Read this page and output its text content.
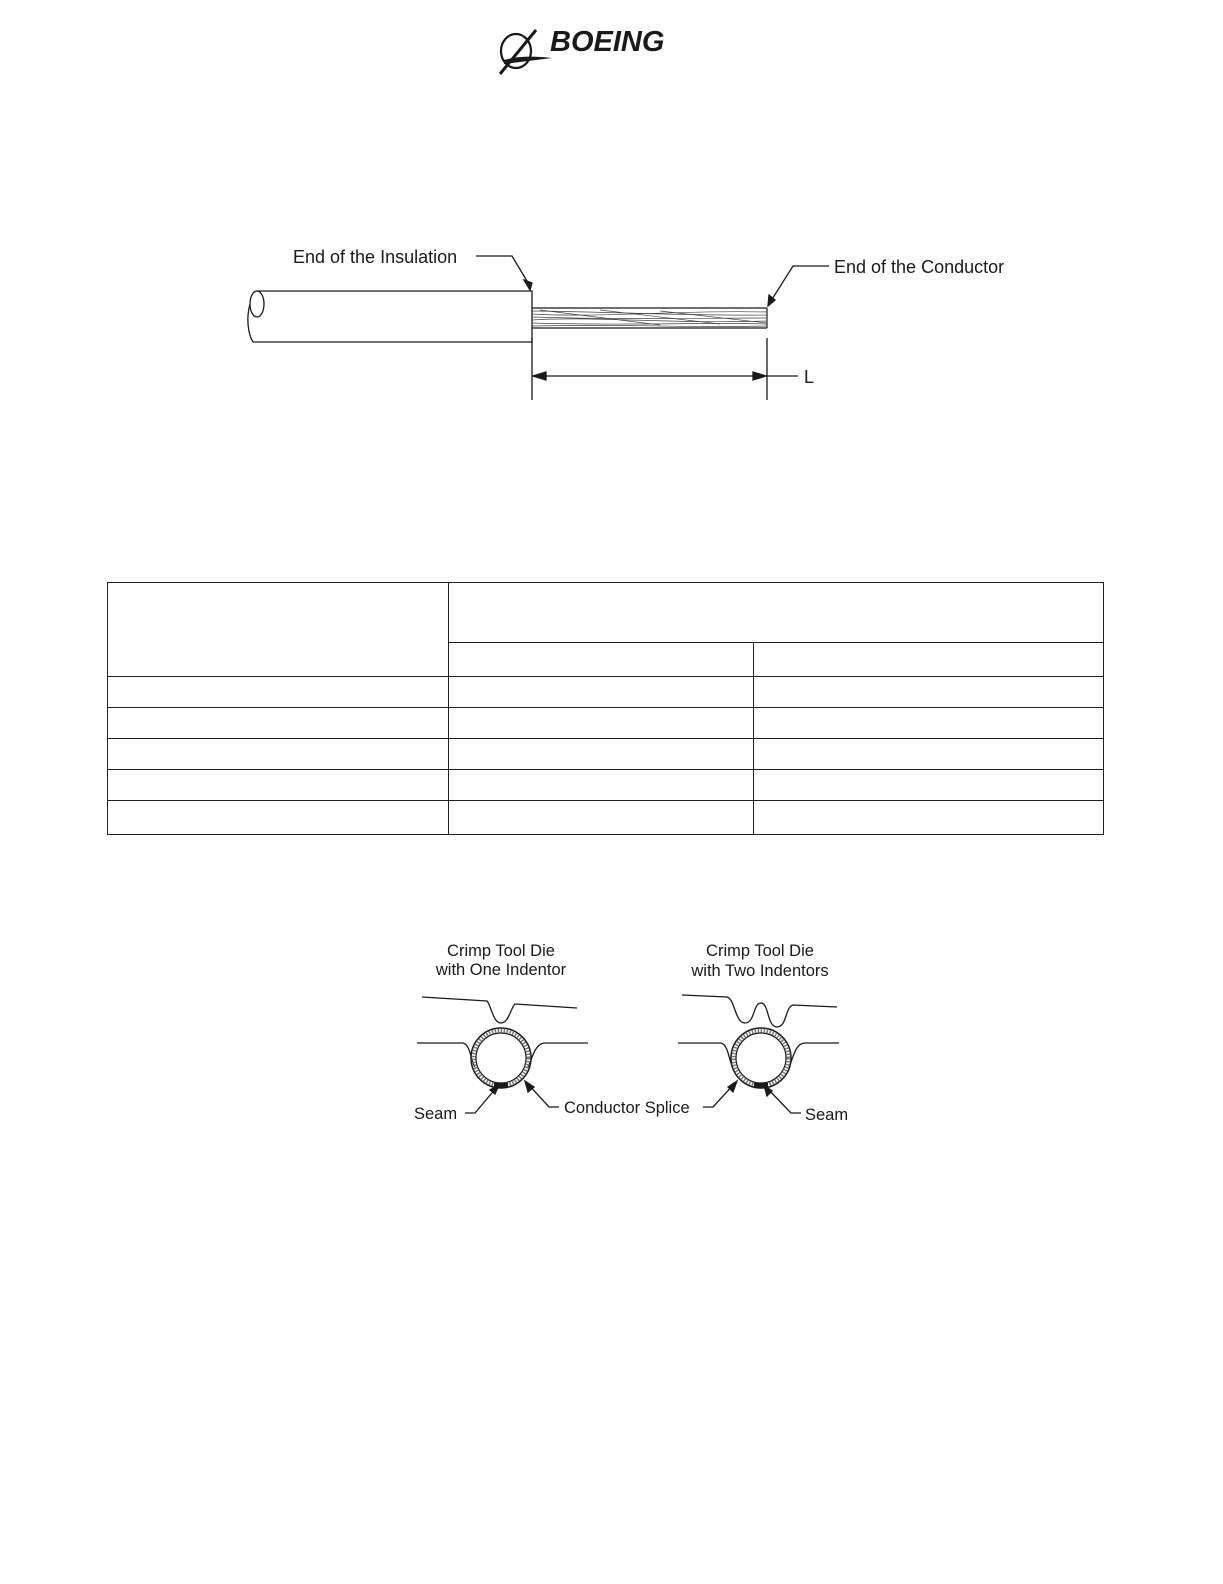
BOEING
End of the Insulation	End of the Conductor
L

Crimp Tool Die
with One Indentor
Crimp Tool Die
with Two Indentors
Seam	Conductor Splice	Seam
